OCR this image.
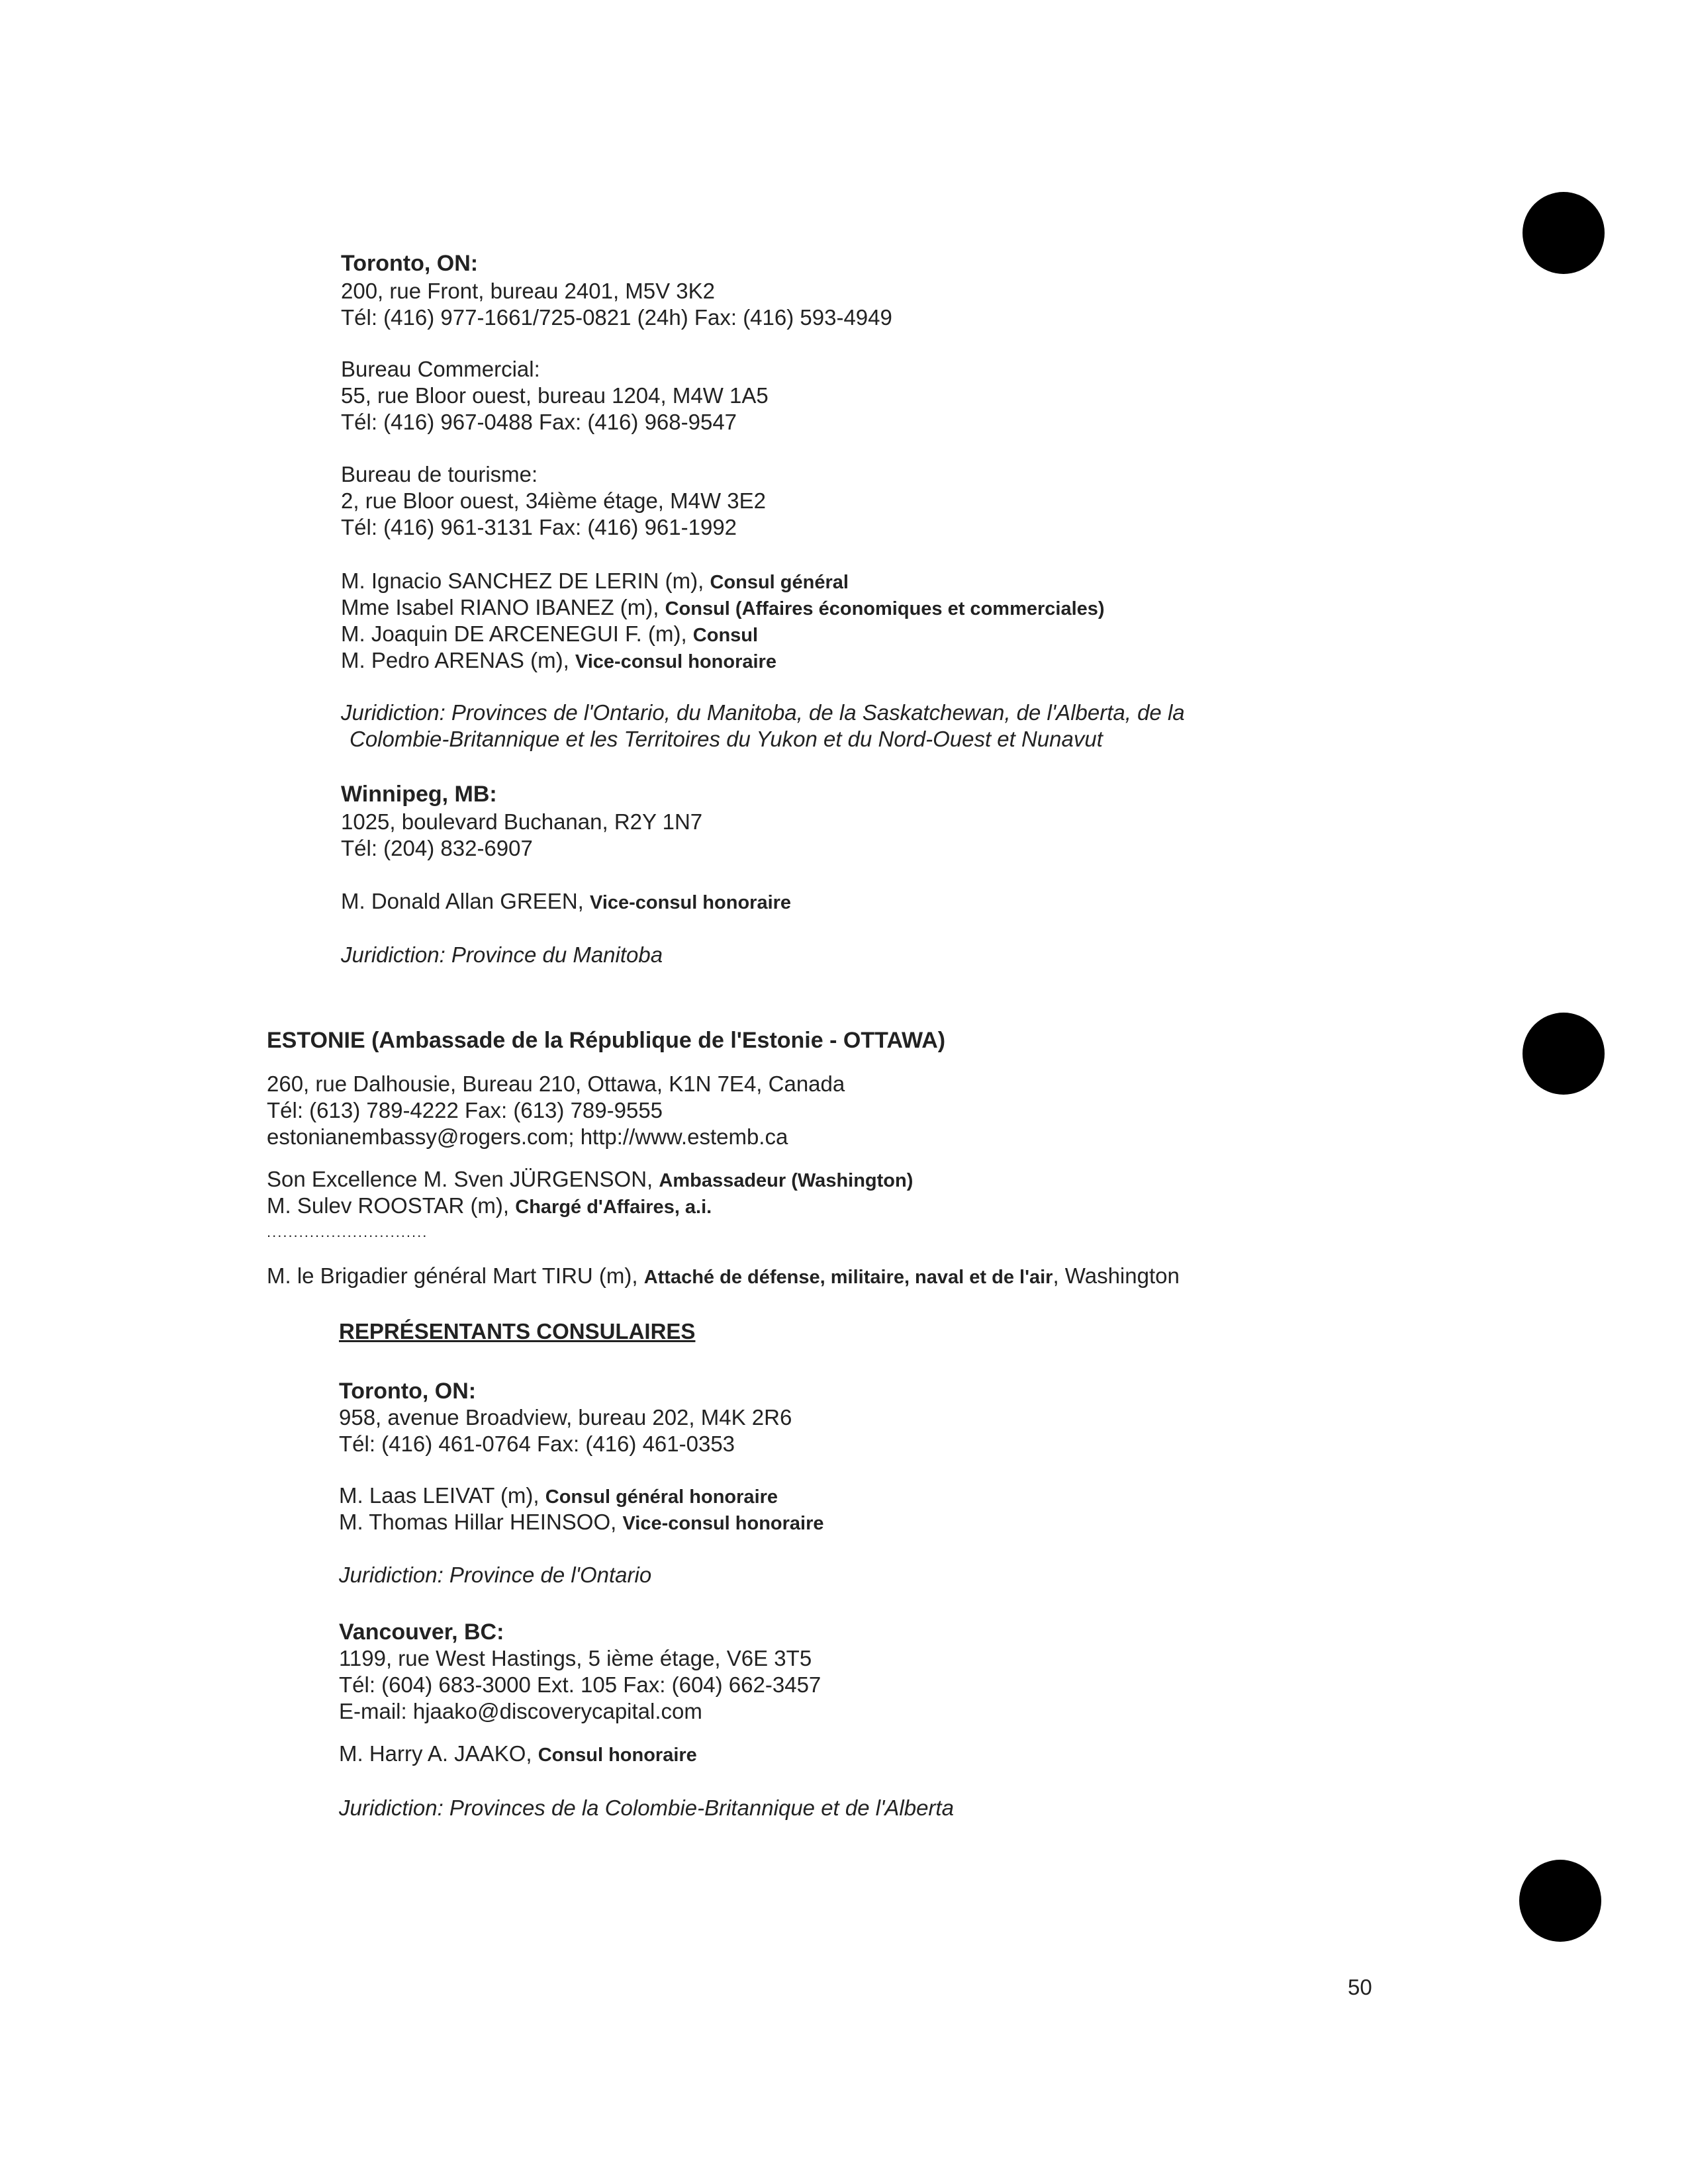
Toronto, ON:
200, rue Front, bureau 2401, M5V 3K2
Tél: (416) 977-1661/725-0821 (24h) Fax: (416) 593-4949
Bureau Commercial:
55, rue Bloor ouest, bureau 1204, M4W 1A5
Tél: (416) 967-0488 Fax: (416) 968-9547
Bureau de tourisme:
2, rue Bloor ouest, 34ième étage, M4W 3E2
Tél: (416) 961-3131 Fax: (416) 961-1992
M. Ignacio SANCHEZ DE LERIN (m), Consul général
Mme Isabel RIANO IBANEZ (m), Consul (Affaires économiques et commerciales)
M. Joaquin DE ARCENEGUI F. (m), Consul
M. Pedro ARENAS (m), Vice-consul honoraire
Juridiction: Provinces de l'Ontario, du Manitoba, de la Saskatchewan, de l'Alberta, de la
Colombie-Britannique et les Territoires du Yukon et du Nord-Ouest et Nunavut
Winnipeg, MB:
1025, boulevard Buchanan, R2Y 1N7
Tél: (204) 832-6907
M. Donald Allan GREEN, Vice-consul honoraire
Juridiction: Province du Manitoba
ESTONIE (Ambassade de la République de l'Estonie - OTTAWA)
260, rue Dalhousie, Bureau 210, Ottawa, K1N 7E4, Canada
Tél: (613) 789-4222 Fax: (613) 789-9555
estonianembassy@rogers.com; http://www.estemb.ca
Son Excellence M. Sven JÜRGENSON, Ambassadeur (Washington)
M. Sulev ROOSTAR (m), Chargé d'Affaires, a.i.
..............................
M. le Brigadier général Mart TIRU (m), Attaché de défense, militaire, naval et de l'air, Washington
REPRÉSENTANTS CONSULAIRES
Toronto, ON:
958, avenue Broadview, bureau 202, M4K 2R6
Tél: (416) 461-0764 Fax: (416) 461-0353
M. Laas LEIVAT (m), Consul général honoraire
M. Thomas Hillar HEINSOO, Vice-consul honoraire
Juridiction: Province de l'Ontario
Vancouver, BC:
1199, rue West Hastings, 5 ième étage, V6E 3T5
Tél: (604) 683-3000 Ext. 105 Fax: (604) 662-3457
E-mail: hjaako@discoverycapital.com
M. Harry A. JAAKO, Consul honoraire
Juridiction: Provinces de la Colombie-Britannique et de l'Alberta
50
